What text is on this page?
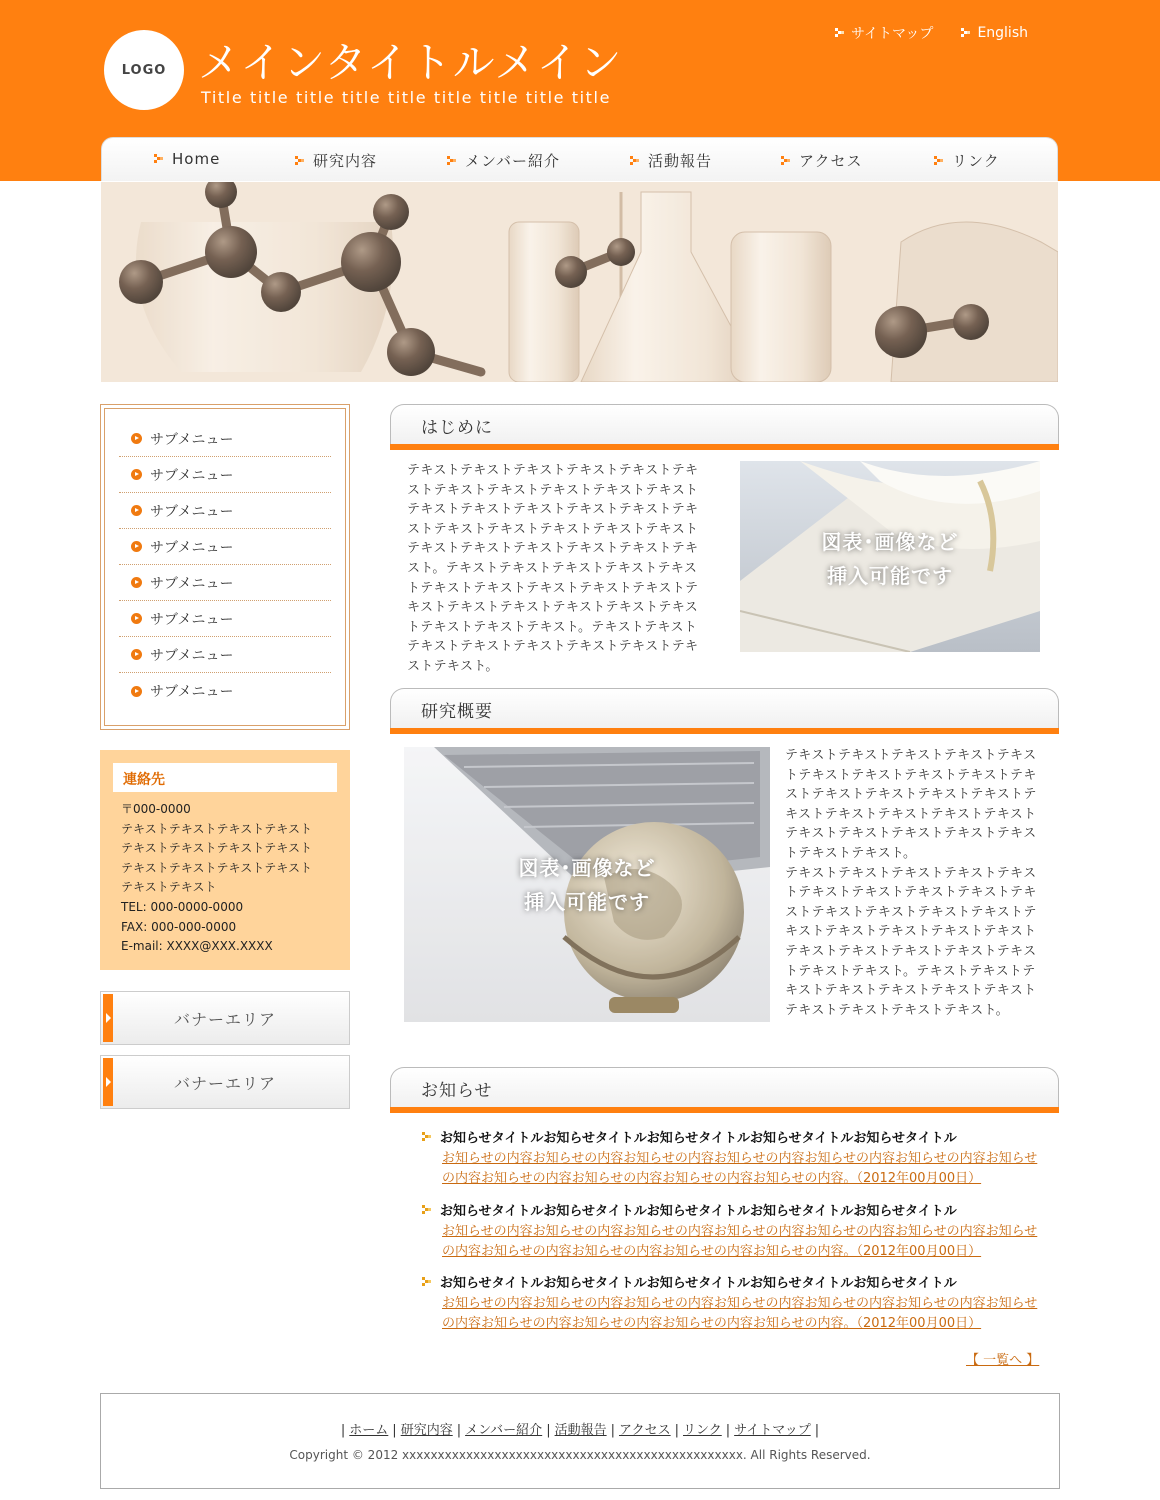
LOGO メインタイトルメイン
Title title title title title title title title title
サイトマップ	English
Home	研究内容	メンバー紹介	活動報告	アクセス	リンク
サブメニュー
サブメニュー
サブメニュー
サブメニュー
サブメニュー
サブメニュー
サブメニュー
サブメニュー
連絡先
〒000-0000
テキストテキストテキストテキスト
テキストテキストテキストテキスト
テキストテキストテキストテキスト
テキストテキスト
TEL: 000-0000-0000
FAX: 000-000-0000
E-mail: XXXX@XXX.XXXX
バナーエリア
バナーエリア
はじめに
テキストテキストテキストテキストテキストテキストテキストテキストテキストテキストテキストテキストテキストテキストテキストテキストテキストテキストテキストテキストテキストテキストテキストテキストテキストテキストテキストテキスト。テキストテキストテキストテキストテキストテキストテキストテキストテキストテキストテキストテキストテキストテキストテキストテキストテキストテキストテキスト。テキストテキストテキストテキストテキストテキストテキストテキストテキスト。
図表･画像など
挿入可能です
研究概要
図表･画像など
挿入可能です
テキストテキストテキストテキストテキストテキストテキストテキストテキストテキストテキストテキストテキストテキストテキストテキストテキストテキストテキストテキストテキストテキストテキストテキストテキストテキスト。
テキストテキストテキストテキストテキストテキストテキストテキストテキストテキストテキストテキストテキストテキストテキストテキストテキストテキストテキストテキストテキストテキストテキストテキストテキストテキスト。テキストテキストテキストテキストテキストテキストテキストテキストテキストテキストテキスト。
お知らせ
お知らせタイトルお知らせタイトルお知らせタイトルお知らせタイトルお知らせタイトル
お知らせの内容お知らせの内容お知らせの内容お知らせの内容お知らせの内容お知らせの内容お知らせの内容お知らせの内容お知らせの内容お知らせの内容お知らせの内容。（2012年00月00日）
お知らせタイトルお知らせタイトルお知らせタイトルお知らせタイトルお知らせタイトル
お知らせの内容お知らせの内容お知らせの内容お知らせの内容お知らせの内容お知らせの内容お知らせの内容お知らせの内容お知らせの内容お知らせの内容お知らせの内容。（2012年00月00日）
お知らせタイトルお知らせタイトルお知らせタイトルお知らせタイトルお知らせタイトル
お知らせの内容お知らせの内容お知らせの内容お知らせの内容お知らせの内容お知らせの内容お知らせの内容お知らせの内容お知らせの内容お知らせの内容お知らせの内容。（2012年00月00日）
【 一覧へ 】
| ホーム | 研究内容 | メンバー紹介 | 活動報告 | アクセス | リンク | サイトマップ |
Copyright © 2012 xxxxxxxxxxxxxxxxxxxxxxxxxxxxxxxxxxxxxxxxxxxxxxxx. All Rights Reserved.
